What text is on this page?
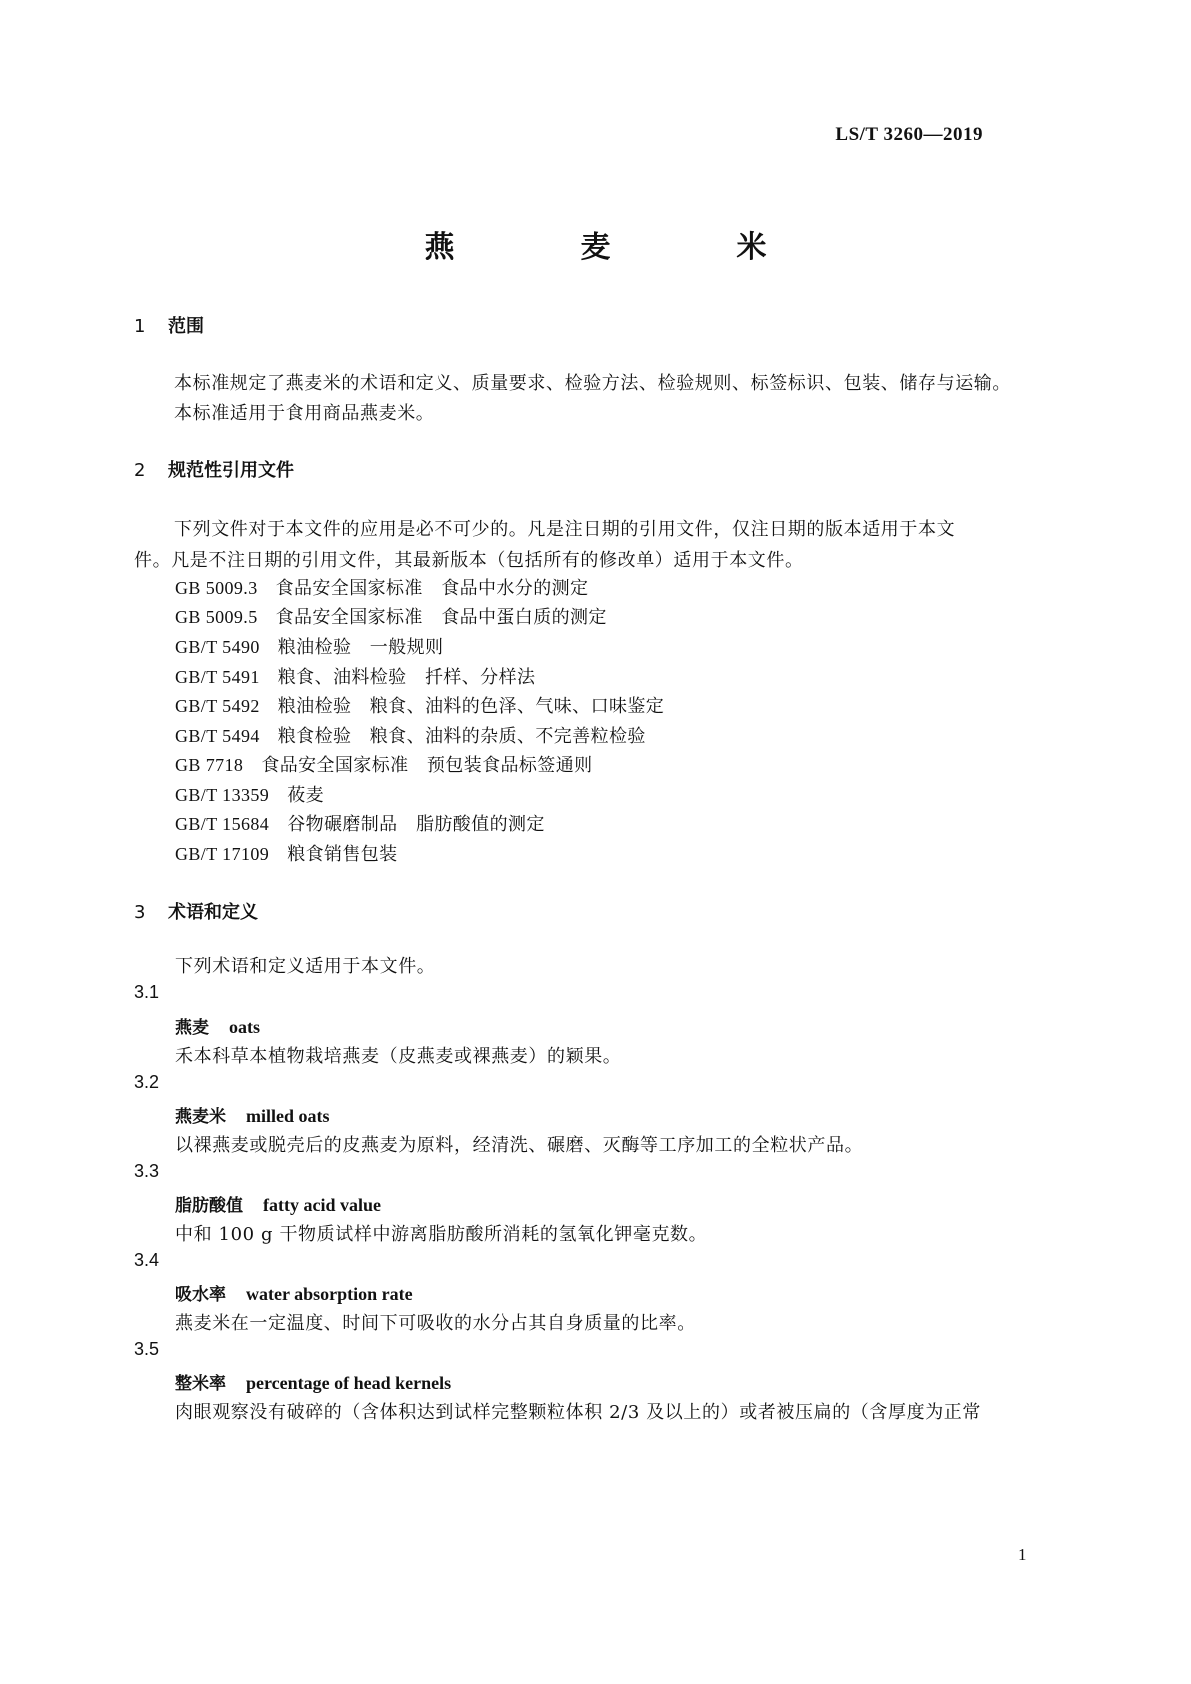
LS/T 3260—2019
燕　麦　米
1 范围
本标准规定了燕麦米的术语和定义、质量要求、检验方法、检验规则、标签标识、包装、储存与运输。
本标准适用于食用商品燕麦米。
2 规范性引用文件
下列文件对于本文件的应用是必不可少的。凡是注日期的引用文件，仅注日期的版本适用于本文件。凡是不注日期的引用文件，其最新版本（包括所有的修改单）适用于本文件。
GB 5009.3 食品安全国家标准　食品中水分的测定
GB 5009.5 食品安全国家标准　食品中蛋白质的测定
GB/T 5490 粮油检验　一般规则
GB/T 5491 粮食、油料检验　扦样、分样法
GB/T 5492 粮油检验　粮食、油料的色泽、气味、口味鉴定
GB/T 5494 粮食检验　粮食、油料的杂质、不完善粒检验
GB 7718 食品安全国家标准　预包装食品标签通则
GB/T 13359 莜麦
GB/T 15684 谷物碾磨制品　脂肪酸值的测定
GB/T 17109 粮食销售包装
3 术语和定义
下列术语和定义适用于本文件。
3.1
燕麦 oats
禾本科草本植物栽培燕麦（皮燕麦或裸燕麦）的颖果。
3.2
燕麦米 milled oats
以裸燕麦或脱壳后的皮燕麦为原料，经清洗、碾磨、灭酶等工序加工的全粒状产品。
3.3
脂肪酸值 fatty acid value
中和 100 g 干物质试样中游离脂肪酸所消耗的氢氧化钾毫克数。
3.4
吸水率 water absorption rate
燕麦米在一定温度、时间下可吸收的水分占其自身质量的比率。
3.5
整米率 percentage of head kernels
肉眼观察没有破碎的（含体积达到试样完整颗粒体积 2/3 及以上的）或者被压扁的（含厚度为正常
1
